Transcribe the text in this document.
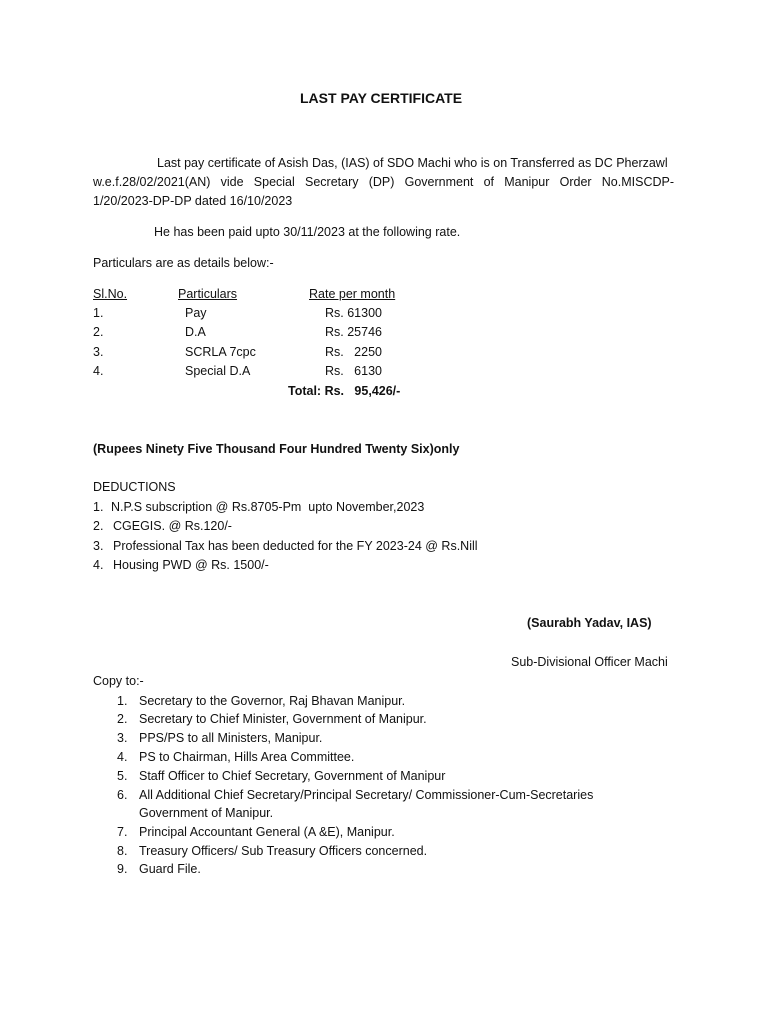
LAST PAY CERTIFICATE
Last pay certificate of Asish Das, (IAS) of SDO Machi who is on Transferred as DC Pherzawl
w.e.f.28/02/2021(AN) vide Special Secretary (DP) Government of Manipur Order No.MISCDP-
1/20/2023-DP-DP dated 16/10/2023
He has been paid upto 30/11/2023 at the following rate.
Particulars are as details below:-
Sl.No.	Particulars	Rate per month
1.	Pay	Rs. 61300
2.	D.A	Rs. 25746
3.	SCRLA 7cpc	Rs.   2250
4.	Special D.A	Rs.   6130
Total: Rs.   95,426/-
(Rupees Ninety Five Thousand Four Hundred Twenty Six)only
DEDUCTIONS
1. N.P.S subscription @ Rs.8705-Pm  upto November,2023
2. CGEGIS. @ Rs.120/-
3. Professional Tax has been deducted for the FY 2023-24 @ Rs.Nill
4. Housing PWD @ Rs. 1500/-
(Saurabh Yadav, IAS)
Sub-Divisional Officer Machi
Copy to:-
1. Secretary to the Governor, Raj Bhavan Manipur.
2. Secretary to Chief Minister, Government of Manipur.
3. PPS/PS to all Ministers, Manipur.
4. PS to Chairman, Hills Area Committee.
5. Staff Officer to Chief Secretary, Government of Manipur
6. All Additional Chief Secretary/Principal Secretary/ Commissioner-Cum-Secretaries
Government of Manipur.
7. Principal Accountant General (A &E), Manipur.
8. Treasury Officers/ Sub Treasury Officers concerned.
9. Guard File.
